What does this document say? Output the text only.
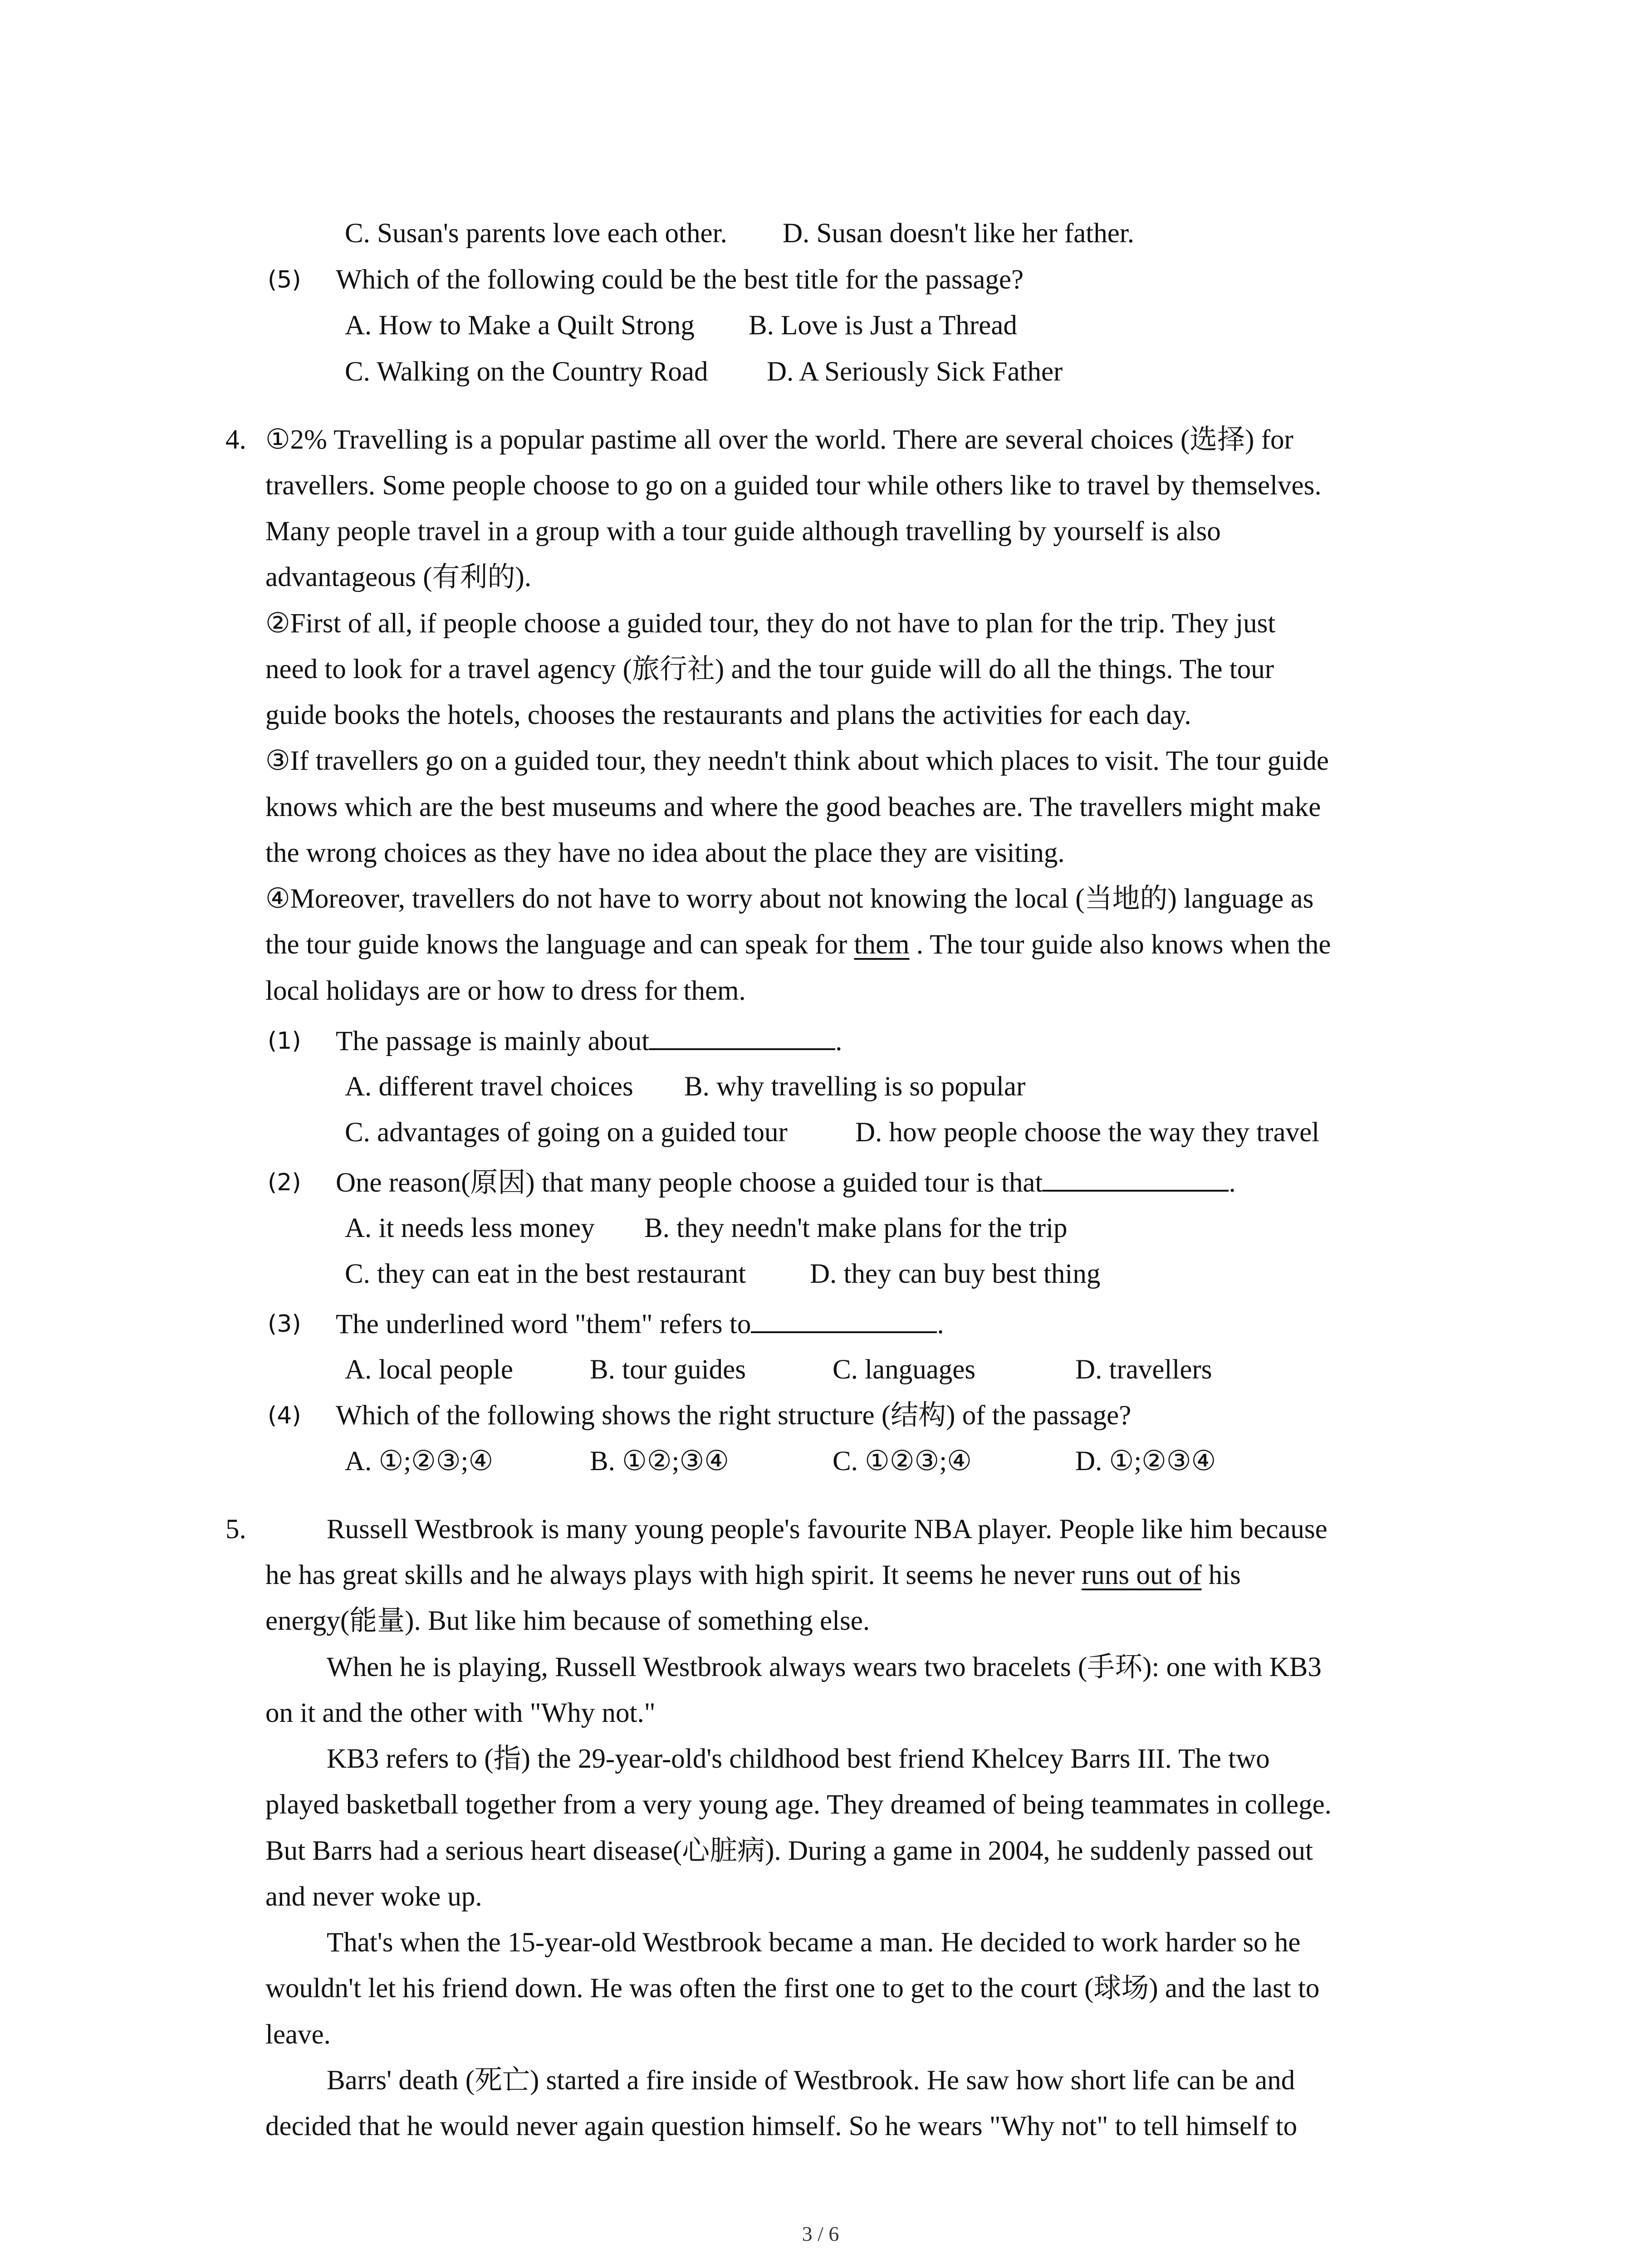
C. Susan's parents love each other. D. Susan doesn't like her father.
(5) Which of the following could be the best title for the passage?
A. How to Make a Quilt Strong B. Love is Just a Thread
C. Walking on the Country Road D. A Seriously Sick Father
4. ①2% Travelling is a popular pastime all over the world. There are several choices (选择) for
travellers. Some people choose to go on a guided tour while others like to travel by themselves.
Many people travel in a group with a tour guide although travelling by yourself is also
advantageous (有利的).
②First of all, if people choose a guided tour, they do not have to plan for the trip. They just
need to look for a travel agency (旅行社) and the tour guide will do all the things. The tour
guide books the hotels, chooses the restaurants and plans the activities for each day.
③If travellers go on a guided tour, they needn't think about which places to visit. The tour guide
knows which are the best museums and where the good beaches are. The travellers might make
the wrong choices as they have no idea about the place they are visiting.
④Moreover, travellers do not have to worry about not knowing the local (当地的) language as
the tour guide knows the language and can speak for them . The tour guide also knows when the
local holidays are or how to dress for them.
(1) The passage is mainly about	.
A. different travel choices B. why travelling is so popular
C. advantages of going on a guided tour D. how people choose the way they travel
(2) One reason(原因) that many people choose a guided tour is that	.
A. it needs less money B. they needn't make plans for the trip
C. they can eat in the best restaurant D. they can buy best thing
(3) The underlined word "them" refers to	.
A. local people	B. tour guides	C. languages	D. travellers
(4) Which of the following shows the right structure (结构) of the passage?
A. ①;②③;④	B. ①②;③④	C. ①②③;④	D. ①;②③④
5.	Russell Westbrook is many young people's favourite NBA player. People like him because
he has great skills and he always plays with high spirit. It seems he never runs out of his
energy(能量). But like him because of something else.
When he is playing, Russell Westbrook always wears two bracelets (手环): one with KB3
on it and the other with "Why not."
KB3 refers to (指) the 29-year-old's childhood best friend Khelcey Barrs III. The two
played basketball together from a very young age. They dreamed of being teammates in college.
But Barrs had a serious heart disease(心脏病). During a game in 2004, he suddenly passed out
and never woke up.
That's when the 15-year-old Westbrook became a man. He decided to work harder so he
wouldn't let his friend down. He was often the first one to get to the court (球场) and the last to
leave.
Barrs' death (死亡) started a fire inside of Westbrook. He saw how short life can be and
decided that he would never again question himself. So he wears "Why not" to tell himself to
3 / 6
